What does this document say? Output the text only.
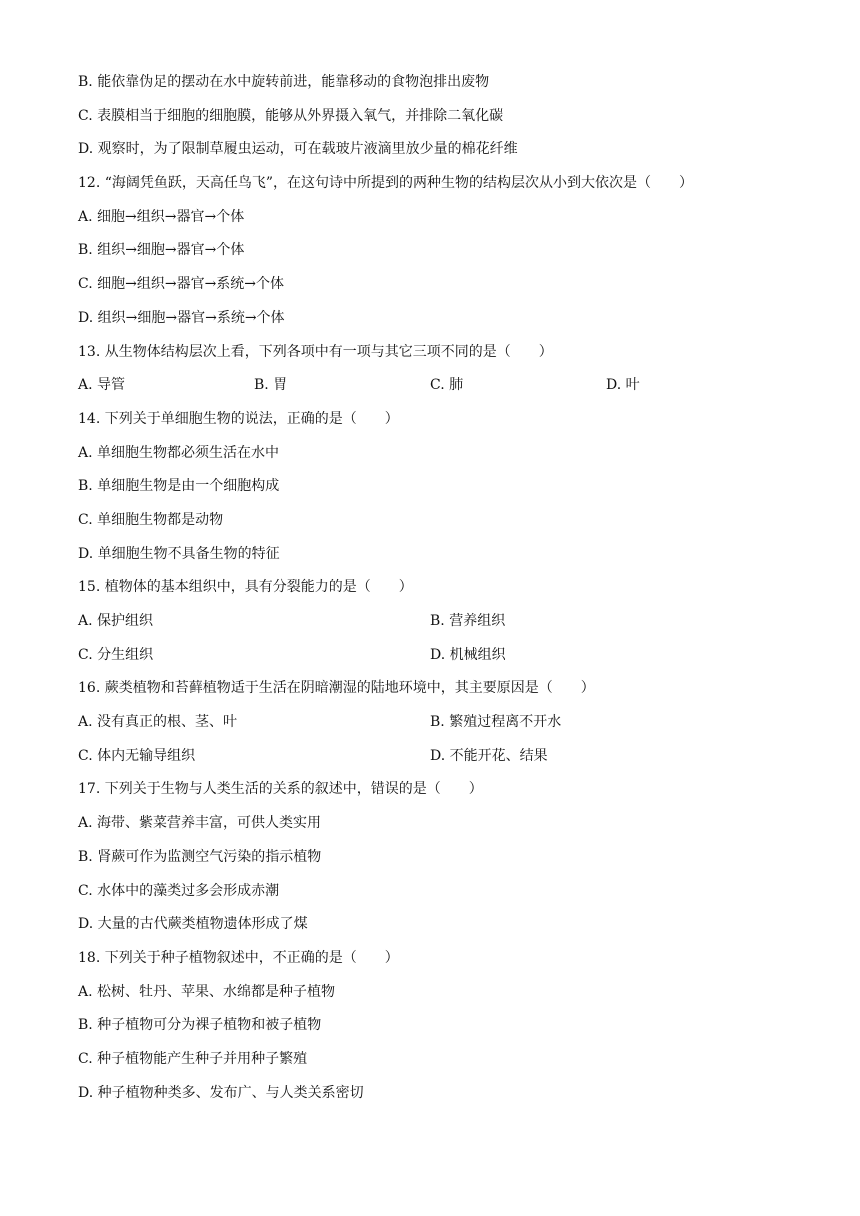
B. 能依靠伪足的摆动在水中旋转前进，能靠移动的食物泡排出废物
C. 表膜相当于细胞的细胞膜，能够从外界摄入氧气，并排除二氧化碳
D. 观察时，为了限制草履虫运动，可在载玻片液滴里放少量的棉花纤维
12. “海阔凭鱼跃，天高任鸟飞”，在这句诗中所提到的两种生物的结构层次从小到大依次是（　　）
A. 细胞→组织→器官→个体
B. 组织→细胞→器官→个体
C. 细胞→组织→器官→系统→个体
D. 组织→细胞→器官→系统→个体
13. 从生物体结构层次上看，下列各项中有一项与其它三项不同的是（　　）
A. 导管	B. 胃	C. 肺	D. 叶
14. 下列关于单细胞生物的说法，正确的是（　　）
A. 单细胞生物都必须生活在水中
B. 单细胞生物是由一个细胞构成
C. 单细胞生物都是动物
D. 单细胞生物不具备生物的特征
15. 植物体的基本组织中，具有分裂能力的是（　　）
A. 保护组织	B. 营养组织
C. 分生组织	D. 机械组织
16. 蕨类植物和苔藓植物适于生活在阴暗潮湿的陆地环境中，其主要原因是（　　）
A. 没有真正的根、茎、叶	B. 繁殖过程离不开水
C. 体内无输导组织	D. 不能开花、结果
17. 下列关于生物与人类生活的关系的叙述中，错误的是（　　）
A. 海带、紫菜营养丰富，可供人类实用
B. 肾蕨可作为监测空气污染的指示植物
C. 水体中的藻类过多会形成赤潮
D. 大量的古代蕨类植物遗体形成了煤
18. 下列关于种子植物叙述中，不正确的是（　　）
A. 松树、牡丹、苹果、水绵都是种子植物
B. 种子植物可分为裸子植物和被子植物
C. 种子植物能产生种子并用种子繁殖
D. 种子植物种类多、发布广、与人类关系密切
